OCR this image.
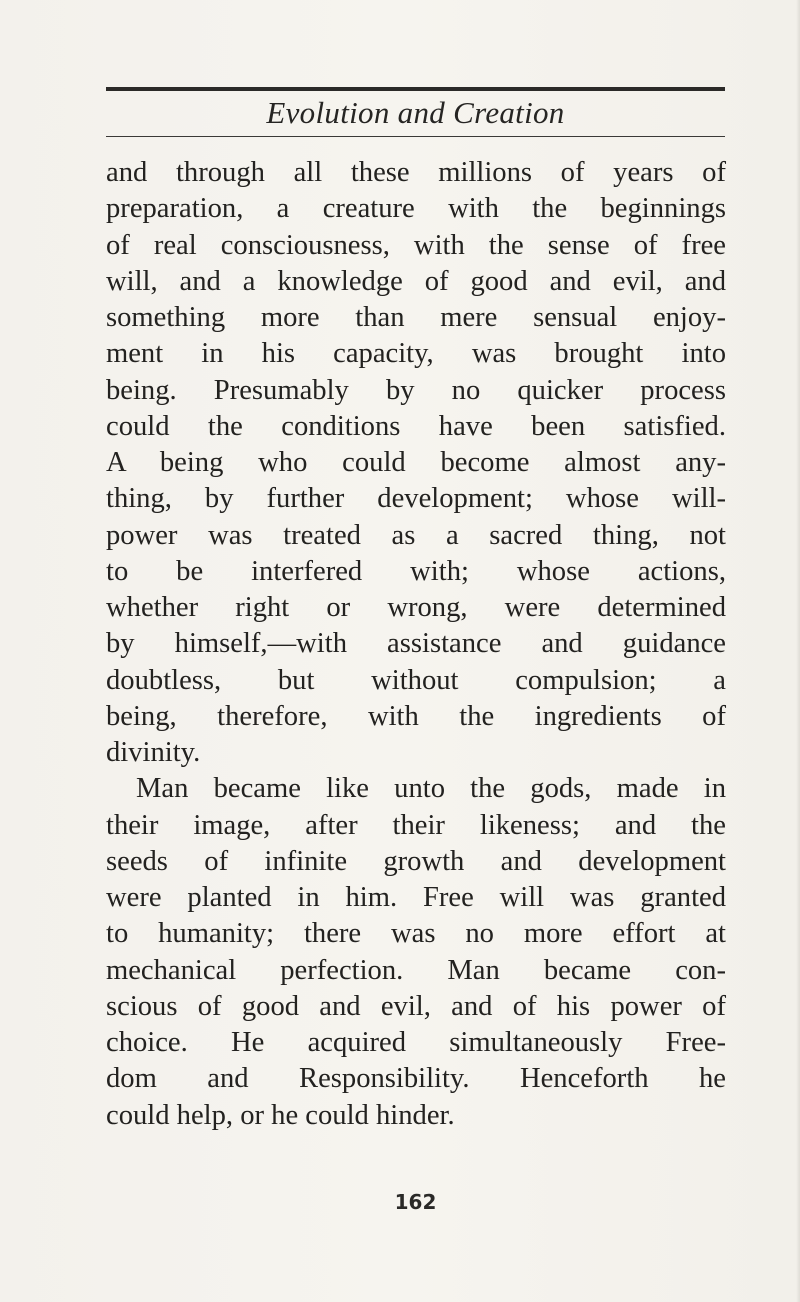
Evolution and Creation
and through all these millions of years of
preparation, a creature with the beginnings
of real consciousness, with the sense of free
will, and a knowledge of good and evil, and
something more than mere sensual enjoy-
ment in his capacity, was brought into
being. Presumably by no quicker process
could the conditions have been satisfied.
A being who could become almost any-
thing, by further development; whose will-
power was treated as a sacred thing, not
to be interfered with; whose actions,
whether right or wrong, were determined
by himself,—with assistance and guidance
doubtless, but without compulsion; a
being, therefore, with the ingredients of
divinity.
Man became like unto the gods, made in
their image, after their likeness; and the
seeds of infinite growth and development
were planted in him. Free will was granted
to humanity; there was no more effort at
mechanical perfection. Man became con-
scious of good and evil, and of his power of
choice. He acquired simultaneously Free-
dom and Responsibility. Henceforth he
could help, or he could hinder.
162
